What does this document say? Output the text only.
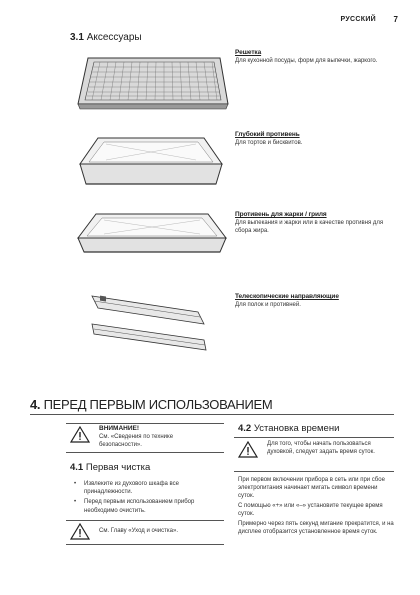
РУССКИЙ 7
3.1 Аксессуары
Решетка
Для кухонной посуды, форм для выпечки, жаркого.
Глубокий противень
Для тортов и бисквитов.
Противень для жарки / гриля
Для выпекания и жарки или в качестве противня для сбора жира.
Телескопические направляющие
Для полок и противней.
4. ПЕРЕД ПЕРВЫМ ИСПОЛЬЗОВАНИЕМ
ВНИМАНИЕ!
См. «Сведения по технике безопасности».
4.1 Первая чистка
• Извлеките из духового шкафа все принадлежности.
• Перед первым использованием прибор необходимо очистить.
См. Главу «Уход и очистка».
4.2 Установка времени
Для того, чтобы начать пользоваться духовкой, следует задать время суток.
Пpи первом включении прибора в сеть или при сбое электропитания начинает мигать символ времени суток.
С помощью «+» или «–» установите текущее время суток.
Примерно через пять секунд мигание прекратится, и на дисплее отобразится установленное время суток.
